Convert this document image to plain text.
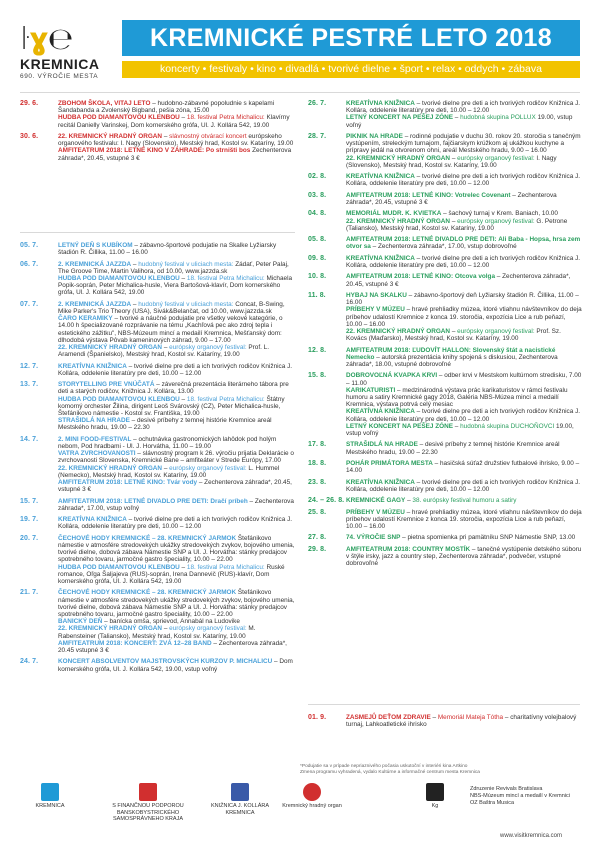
ŀɣ℮
KREMNICA
690. VÝROČIE MESTA
KREMNICKÉ PESTRÉ LETO 2018
koncerty • festivaly • kino • divadlá • tvorivé dielne • šport • relax • oddych • zábava
29. 6.	ZBOHOM ŠKOLA, VITAJ LETO – hudobno-zábavné popoludnie s kapelami Šandabanda a Zvolenský Bigband, pešia zóna, 15.00
HUDBA POD DIAMANTOVOU KLENBOU – 18. festival Petra Michalicu: Klavírny recitál Danielly Varinskej, Dom kornerského grófa, Ul. J. Kollára 542, 19.00

30. 6.	22. KREMNICKÝ HRADNÝ ORGAN – slávnostný otvárací koncert európskeho organového festivalu: I. Nagy (Slovensko), Mestský hrad, Kostol sv. Kataríny, 19.00
AMFITEATRUM 2018: LETNÉ KINO V ZÁHRADE: Po strništi bos Zechenterova záhrada*, 20.45, vstupné 3 €

05. 7.	LETNÝ DEŇ S KUBÍKOM – zábavno-športové podujatie na Skalke Lyžiarsky štadión R. Čillika, 11.00 – 16.00

06. 7.	2. KREMNICKÁ JAZZDA – hudobný festival v uliciach mesta: Zádať, Peter Palaj, The Groove Time, Martin Valihora, od 10.00, www.jazzda.sk
HUDBA POD DIAMANTOVOU KLENBOU – 18. festival Petra Michalicu: Michaela Popik-soprán, Peter Michalica-husle, Viera Bartošová-klavír, Dom kornerského grófa, Ul. J. Kollára 542, 19.00

07. 7.	2. KREMNICKÁ JAZZDA – hudobný festival v uliciach mesta: Concat, B-Swing, Mike Parker's Trio Theory (USA), Sivák&Belančat, od 10.00, www.jazzda.sk
ČARO KERAMIKY – tvorivé a náučné podujatie pre všetky vekové kategórie, o 14.00 h špecializované rozprávanie na tému „Kachľová pec ako zdroj tepla i estetického zážitku", NBS-Múzeum mincí a medailí Kremnica, Mešťanský dom: dlhodobá výstava Pôvab kameninových záhrad, 9.00 – 17.00
22. KREMNICKÝ HRADNÝ ORGAN – európsky organový festival: Prof. L. Aramendi (Španielsko), Mestský hrad, Kostol sv. Kataríny, 19.00

12. 7.	KREATÍVNA KNIŽNICA – tvorivé dielne pre deti a ich tvorivých rodičov Knižnica J. Kollára, oddelenie literatúry pre deti, 10.00 – 12.00

13. 7.	STORYTELLING PRE VNÚČATÁ – záverečná prezentácia literárneho tábora pre deti a starých rodičov, Knižnica J. Kollára, 13.00
HUDBA POD DIAMANTOVOU KLENBOU – 18. festival Petra Michalicu: Štátny komorný orchester Žilina, dirigent Leoš Svárovský (CZ), Peter Michalica-husle, Štefánikovo námestie - Kostol sv. Františka, 19.00
STRAŠIDLÁ NA HRADE – desivé príbehy z temnej histórie Kremnice areál Mestského hradu, 19.00 – 22.30

14. 7.	2. MINI FOOD-FESTIVAL – ochutnávka gastronomických lahôdok pod holým nebom, Pod hradbami - Ul. J. Horvátha, 11.00 – 19.00
VATRA ZVRCHOVANOSTI – slávnostný program k 26. výročiu prijatia Deklarácie o zvrchovanosti Slovenska, Kremnické Bane – amfiteáter v Strede Európy, 17.00
22. KREMNICKÝ HRADNÝ ORGAN – európsky organový festival: L. Hummel (Nemecko), Mestský hrad, Kostol sv. Kataríny, 19.00
AMFITEATRUM 2018: LETNÉ KINO: Tvár vody – Zechenterova záhrada*, 20.45, vstupné 3 €

15. 7.	AMFITEATRUM 2018: LETNÉ DIVADLO PRE DETI: Dračí príbeh – Zechenterova záhrada*, 17.00, vstup voľný

19. 7.	KREATÍVNA KNIŽNICA – tvorivé dielne pre deti a ich tvorivých rodičov Knižnica J. Kollára, oddelenie literatúry pre deti, 10.00 – 12.00

20. 7.	ČECHOVÉ HODY KREMNICKÉ – 28. KREMNICKÝ JARMOK Štefánikovo námestie v atmosfére stredovekých ukážky stredovekých zvykov, bojového umenia, tvorivé dielne, dobová zábava Námestie SNP a Ul. J. Horvátha: stánky predajcov spotrebného tovaru, jarmočné gastro špeciality, 10.00 – 22.00
HUDBA POD DIAMANTOVOU KLENBOU – 18. festival Petra Michalicu: Ruské romance, Oľga Šaljajeva (RUS)-soprán, Irena Dannevič (RUS)-klavír, Dom kornerského grófa, Ul. J. Kollára 542, 19.00

21. 7.	ČECHOVÉ HODY KREMNICKÉ – 28. KREMNICKÝ JARMOK Štefánikovo námestie v atmosfére stredovekých ukážky stredovekých zvykov, bojového umenia, tvorivé dielne, dobová zábava Námestie SNP a Ul. J. Horvátha: stánky predajcov spotrebného tovaru, jarmočné gastro špeciality, 10.00 – 22.00
BANICKÝ DEŇ – banícka omša, sprievod, Annabál na Ludovike
22. KREMNICKÝ HRADNÝ ORGAN – európsky organový festival: M. Rabensteiner (Taliansko), Mestský hrad, Kostol sv. Kataríny, 19.00
AMFITEATRUM 2018: KONCERT: ZVÁ 12–28 BAND – Zechenterova záhrada*, 20.45 vstupné 3 €

24. 7.	KONCERT ABSOLVENTOV MAJSTROVSKÝCH KURZOV P. MICHALICU – Dom kornerského grófa, Ul. J. Kollára 542, 19.00, vstup voľný

26. 7.	KREATÍVNA KNIŽNICA – tvorivé dielne pre deti a ich tvorivých rodičov Knižnica J. Kollára, oddelenie literatúry pre deti, 10.00 – 12.00
LETNÝ KONCERT NA PEŠEJ ZÓNE – hudobná skupina POLLUX 19.00, vstup voľný

28. 7.	PIKNIK NA HRADE – rodinné podujatie v duchu 30. rokov 20. storočia s tanečným vystúpením, streleckým turnajom, fajčiarskym krúžkom aj ukážkou kuchyne a prípravy jedál na otvorenom ohni, areál Mestského hradu, 9.00 – 16.00
22. KREMNICKÝ HRADNÝ ORGAN – európsky organový festival: I. Nagy (Slovensko), Mestský hrad, Kostol sv. Kataríny, 19.00

02. 8.	KREATÍVNA KNIŽNICA – tvorivé dielne pre deti a ich tvorivých rodičov Knižnica J. Kollára, oddelenie literatúry pre deti, 10.00 – 12.00

03. 8.	AMFITEATRUM 2018: LETNÉ KINO: Votrelec Covenant – Zechenterova záhrada*, 20.45, vstupné 3 €

04. 8.	MEMORIÁL MUDR. K. KVIETKA – šachový turnaj v Krem. Baniach, 10.00
22. KREMNICKÝ HRADNÝ ORGAN – európsky organový festival: G. Petrone (Taliansko), Mestský hrad, Kostol sv. Kataríny, 19.00

05. 8.	AMFITEATRUM 2018: LETNÉ DIVADLO PRE DETI: Ali Baba - Hopsa, hrsa zem otvor sa – Zechenterova záhrada*, 17.00, vstup dobrovoľné

09. 8.	KREATÍVNA KNIŽNICA – tvorivé dielne pre deti a ich tvorivých rodičov Knižnica J. Kollára, oddelenie literatúry pre deti, 10.00 – 12.00

10. 8.	AMFITEATRUM 2018: LETNÉ KINO: Otcova volga – Zechenterova záhrada*, 20.45, vstupné 3 €

11. 8.	HYBAJ NA SKALKU – zábavno-športový deň Lyžiarsky štadión R. Čillika, 11.00 – 16.00
PRÍBEHY V MÚZEU – hravé prehliadky múzea, ktoré vtiahnu návštevníkov do deja príbehov udalostí Kremnice z konca 19. storočia, expozícia Lice a rub peňazí, 10.00 – 16.00
22. KREMNICKÝ HRADNÝ ORGAN – európsky organový festival: Prof. Sz. Kovács (Maďarsko), Mestský hrad, Kostol sv. Kataríny, 19.00

12. 8.	AMFITEATRUM 2018: ĽUDOVÍT HALLON: Slovenský štát a nacistické Nemecko – autorská prezentácia knihy spojená s diskusiou, Zechenterova záhrada*, 18.00, vstupné dobrovoľné

15. 8.	DOBROVOĽNÁ KVAPKA KRVI – odber krvi v Mestskom kultúrnom stredisku, 7.00 – 11.00
KARIKATURISTI – medzinárodná výstava prác karikaturistov v rámci festivalu humoru a satiry Kremnické gagy 2018, Galéria NBS-Múzea mincí a medailí Kremnica, výstava potrvá celý mesiac
KREATÍVNA KNIŽNICA – tvorivé dielne pre deti a ich tvorivých rodičov Knižnica J. Kollára, oddelenie literatúry pre deti, 10.00 – 12.00
LETNÝ KONCERT NA PEŠEJ ZÓNE – hudobná skupina DUCHOŇOVCI 19.00, vstup voľný

17. 8.	STRAŠIDLÁ NA HRADE – desivé príbehy z temnej histórie Kremnice areál Mestského hradu, 19.00 – 22.30

18. 8.	POHÁR PRIMÁTORA MESTA – hasičská súťaž družstiev futbalové ihrisko, 9.00 – 14.00

23. 8.	KREATÍVNA KNIŽNICA – tvorivé dielne pre deti a ich tvorivých rodičov Knižnica J. Kollára, oddelenie literatúry pre deti, 10.00 – 12.00

24. – 26. 8. KREMNICKÉ GAGY – 38. európsky festival humoru a satiry

25. 8.	PRÍBEHY V MÚZEU – hravé prehliadky múzea, ktoré vtiahnu návštevníkov do deja príbehov udalostí Kremnice z konca 19. storočia, expozícia Lice a rub peňazí, 10.00 – 16.00

27. 8.	74. VÝROČIE SNP – pietna spomienka pri pamätníku SNP Námestie SNP, 13.00

29. 8.	AMFITEATRUM 2018: COUNTRY MOSTÍK – tanečné vystúpenie detského súboru v štýle irsky, jazz a country step, Zechenterova záhrada*, podvečer, vstupné dobrovoľné

01. 9.	ZASMEJŮ DEŤOM ZDRAVIE – Memoriál Mateja Tótha – charitatívny volejbalový turnaj, Lahkoatletické ihrisko

*Podujatie sa v prípade nepriaznivého počasia uskutoční v interiéri kina Artkino
Zmena programu vyhradená, vydalo Kultúrne a informačné centrum mesta Kremnica
KREMNICA	S FINANČNOU PODPOROU BANSKOBYSTRICKÉHO SAMOSPRÁVNEHO KRAJA
KNIŽNICA J. KOLLÁRA KREMNICA
Kremnický hradný organ	Kg
Zdruzenie Revivals Bratislava
NBS-Múzeum mincí a medailí v Kremnici
OZ Baštra Musica
www.visitkremnica.com
